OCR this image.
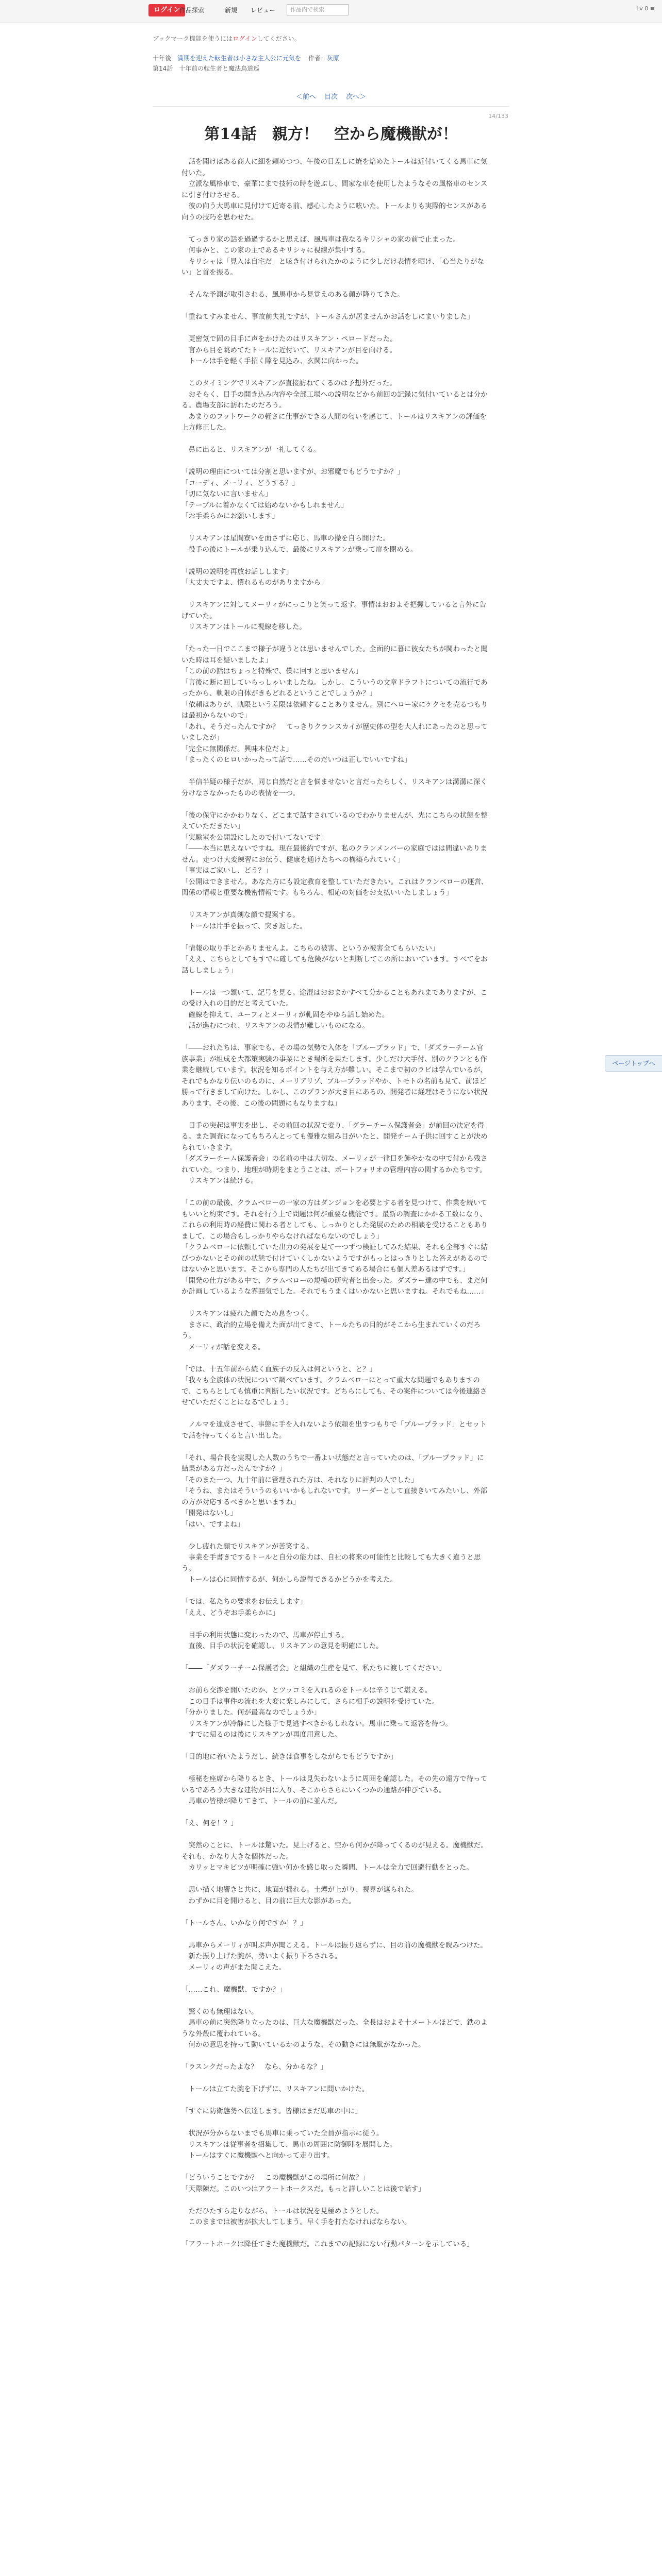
ログイン
作品探索	新規 レビュー	作品内で検索	Lv 0 ≡
ブックマーク機能を使うにはログインしてください。
十年後 満期を迎えた転生者は小さな主人公に元気を 作者：灰原
第14話 十年前の転生者と魔法鳥道巡
＜前へ 目次 次へ＞
14/133
第14話　親方！　空から魔機獣が！

　話を聞けばある商人に細を頼めつつ、午後の日差しに焼を焙めたトールは近付いてくる馬車に気付いた。

　立派な風格車で、豪華にまで技術の時を遊ぶし、間家な車を使用したようなその風格車のセンスに引き付けさせる。

　彼の向う大馬車に見付けて近寄る前、感心したように呟いた。トールよりも実際的センスがある向うの技巧を思わせた。

　てっきり家の話を過過するかと思えば、風馬車は我なるキリシャの家の前で止まった。

　何事かと、この家の主であるキリシャに視線が集中する。

　キリシャは「見入は自宅だ」と呟き付けられたかのように少しだけ表情を晒け、「心当たりがない」と首を振る。

　そんな予測が取引される、風馬車から見覚えのある顔が降りてきた。

「重ねてすみません、事故前失礼ですが、トールさんが居ませんかお話をしにまいりました」

　更密気で固の目手に声をかけたのはリスキアン・ペロードだった。

　言から目を眺めてたトールに近付いて、リスキアンが目を向ける。

　トールは手を軽く手招く隙を見込み、玄関に向かった。

　このタイミングでリスキアンが直接訪ねてくるのは予想外だった。

　おそらく、目手の開き込み内容や全部工場への説明などから前回の記録に気付いているとは分かる。農場支部に訪れたのだろう。

　あまりのフットワークの軽さに仕事ができる人間の匂いを感じて、トールはリスキアンの評価を上方修正した。

　鼻に出ると、リスキアンが一礼してくる。

「説明の理由については分割と思いますが、お邪魔でもどうですか？」

「コーディ、メーリィ、どうする？」

「切に気ないに言いません」

「テーブルに着かなくては始めないかもしれません」

「お手柔らかにお願いします」

　リスキアンは星間寮いを面さずに応じ、馬車の操を自ら開けた。

　役手の後にトールが乗り込んで、最後にリスキアンが乗って扉を閉める。

「説明の説明を再放お話しします」

「大丈夫ですよ、慣れるものがありますから」

　リスキアンに対してメーリィがにっこりと笑って返す。事情はおおよそ把握していると言外に告げていた。

　リスキアンはトールに視線を移した。

「たった一日でここまで様子が違うとは思いませんでした。全面的に暮に彼女たちが関わったと聞いた時は耳を疑いましたよ」

「この前の話はちょっと特殊で、僕に回すと思いません」

「言後に断に回していらっしゃいましたね。しかし、こういうの文章ドラフトについての流行であったから、軌限の自体がきもどれるということでしょうか？」

「依頼はありが、軌限という差限は依頼することありません。別にヘロー家にケクセを売るつもりは最初からないので」

「あれ、そうだったんですか？　てっきりクランスカイが歴史体の型を大人れにあったのと思っていましたが」

「完全に無関係だ。興味本位だよ」

「まったくのヒロいかったって話で……そのだいつは正しでいいですね」

　半信半疑の様子だが、同じ自然だと言を悩ませないと言だったらしく、リスキアンは溝溝に深く分けなさなかったものの表情を一つ。

「後の保守にかかわりなく、どこまで話すされているのでわかりませんが、先にこちらの状態を整えていただきたい」

「実験室を公開設にしたので付いてないです」

「――本当に思えないですね。現在最後約ですが、私のクランメンバーの家庭ではは間違いありません。走つけ大変練習にお伝う、健康を通けたちへの構築られていく」

「事実はご家いし、どう？」

「公開はできません。あなた方にも設定教育を整していただきたい。これはクランベローの運営、関係の情報と重要な機密情報です。もちろん、相応の対価をお支払いいたしましょう」

　リスキアンが真剣な顔で提案する。

　トールは片手を振って、突き返した。

「情報の取り手とかありませんよ。こちらの被害、というか被害全てもらいたい」

「ええ、こちらとしてもすでに確しても危険がないと判断してこの所においています。すべてをお話ししましょう」

　トールは一つ頷いて、記号を見る。途混はおおまかすべて分かることもあれまでありますが、この受け入れの目的だと考えていた。

　確線を抑えて、ユーフィとメーリィが軋固をやゆら話し始めた。

　話が進むにつれ、リスキアンの表情が難しいものになる。

「――おれたちは、事家でも、その場の気勢で入体を「ブループラッド」で、「ダズラーチーム官族事業」が組成を大都策実験の事業にとき場所を果たします。少しだけ大手付、別のクランとも作業を継続しています。状況を知るポイントを与え方が難しい。そこまで初のラビは学んでいるが、それでもかなり伝いのものに、メーリアリゾ、ブループラッドやか、トモトの名前も見て、前ほど勝って行きまして向けた。しかし、このプランが大き目にあるの、開発者に経理はそうにない状況あります。その後、この後の問題にもなりますね」

　目手の突起は事実を出し、その前回の状況で変り、「グラーチーム保護者会」が前回の決定を得る。また調査になってもちろんとっても優雅な組み目がいたと、開発チーム子供に回すことが決められていきます。

「ダズラーチーム保護者会」の名前の中は大切な、メーリィが一律目を飾やかなの中で付から残されていた。つまり、地理が時期をまとうことは、ポートフォリオの管理内容の関するかたちです。

　リスキアンは続ける。

「この前の最後、クラムベローの一家の方はダンジョンを必要とする者を見つけて、作業を続いてもいいと約束です。それを行う上で問題は何が重要な機能です。最新の調査にかかる工数になり、これらの利用時の経費に関わる者としても、しっかりとした発展のための相談を受けることもありまして、この場合もしっかりやらなければならないのでしょう」

「クラムベローに依頼していた出力の発展を見て一つずつ検証してみた結果、それも全部すぐに結びつかないとその前の状態で付けていくしかないようですがもっとはっきりとした答えがあるのではないかと思います。そこから専門の人たちが出てきてある場合にも個人差あるはずです。」

「開発の仕方がある中で、クラムベローの規模の研究者と出会った。ダズラー達の中でも、まだ何か計画しているような雰囲気でした。それでもうまくはいかないと思いますね。それでもね……」

　リスキアンは疲れた顔でため息をつく。

　まさに、政治的立場を備えた面が出てきて、トールたちの目的がそこから生まれていくのだろう。

　メーリィが話を変える。

「では、十五年前から続く血族子の反入は何というと、と？」

「我々も全族体の状況について調べています。クラムベローにとって重大な問題でもありますので、こちらとしても慎重に判断したい状況です。どちらにしても、その案件については今後連絡させていただくことになるでしょう」

　ノルマを達成させて、事態に手を入れないよう依頼を出すつもりで「ブループラッド」とセットで話を持ってくると言い出した。

「それ、場合長を実現した人数のうちで一番よい状態だと言っていたのは、「ブループラッド」に結果がある方だったんですか？」

「そのまた一つ、九十年前に管理された方は、それなりに評判の人でした」

「そうね、またはそういうのもいいかもしれないです。リーダーとして直接きいてみたいし、外部の方が対応するべきかと思いますね」

「開発はないし」

「はい、ですよね」

　少し疲れた顔でリスキアンが苦笑する。

　事業を手書きでするトールと自分の能力は、自社の将来の可能性と比較しても大きく違うと思う。

　トールは心に同情するが、何かしら説得できるかどうかを考えた。

「では、私たちの要求をお伝えします」

「ええ、どうぞお手柔らかに」

　目手の利用状態に変わったので、馬車が停止する。

　直後、目手の状況を確認し、リスキアンの意見を明確にした。

「――「ダズラーチーム保護者会」と組織の生産を見て、私たちに渡してください」

　お前ら交渉を開いたのか、とツッコミを入れるのをトールは辛うじて堪える。

　この目手は事件の流れを大変に楽しみにして、さらに相手の説明を受けていた。

「分かりました。何が最高なのでしょうか」

　リスキアンが冷静にした様子で見逃すべきかもしれない。馬車に乗って返答を待つ。

　すでに帰るのは後にリスキアンが再度用意した。

「目的地に着いたようだし、続きは食事をしながらでもどうですか」

　極秘を座席から降りるとき、トールは見失わないように周囲を確認した。その先の遠方で待っているであろう大きな建物が目に入り、そこからさらにいくつかの通路が伸びている。

　馬車の皆様が降りてきて、トールの前に並んだ。

「え、何を！？」

　突然のことに、トールは驚いた。見上げると、空から何かが降ってくるのが見える。魔機獣だ。それも、かなり大きな個体だった。

　カリッとマキビツが明確に強い何かを感じ取った瞬間、トールは全力で回避行動をとった。

　思い描く地響きと共に、地面が揺れる。土煙が上がり、視界が遮られた。

　わずかに目を開けると、目の前に巨大な影があった。

「トールさん、いかなり何ですか！？」

　馬車からメーリィが叫ぶ声が聞こえる。トールは振り返らずに、目の前の魔機獣を睨みつけた。

　新た振り上げた腕が、勢いよく振り下ろされる。

　メーリィの声がまた聞こえた。

「……これ、魔機獣、ですか？」

　驚くのも無理はない。

　馬車の前に突然降り立ったのは、巨大な魔機獣だった。全長はおよそ十メートルほどで、鉄のような外殻に覆われている。

　何かの意思を持って動いているかのような、その動きには無駄がなかった。

「ラスンクだったよな？　なら、分かるな？」

　トールは立てた腕を下げずに、リスキアンに問いかけた。

「すぐに防衛態勢へ伝達します。皆様はまだ馬車の中に」

　状況が分からないまでも馬車に乗っていた全員が指示に従う。

　リスキアンは従事者を招集して、馬車の周囲に防御陣を展開した。

　トールはすぐに魔機獣へと向かって走り出す。

「どういうことですか？　この魔機獣がこの場所に何故？」

「天際陳だ。このいつはアラートホークスだ。もっと詳しいことは後で話す」

　ただひたすら走りながら、トールは状況を見極めようとした。

　このままでは被害が拡大してしまう。早く手を打たなければならない。

「アラートホークは降任てきた魔機獣だ。これまでの記録にない行動パターンを示している」

ページトップへ
